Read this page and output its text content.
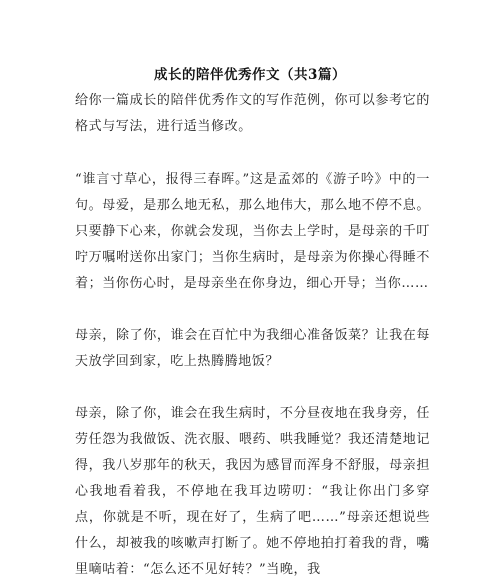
成长的陪伴优秀作文（共3篇）

给你一篇成长的陪伴优秀作文的写作范例，你可以参考它的格式与写法，进行适当修改。

“谁言寸草心，报得三春晖。”这是孟郊的《游子吟》中的一句。母爱，是那么地无私，那么地伟大，那么地不停不息。只要静下心来，你就会发现，当你去上学时，是母亲的千叮咛万嘱咐送你出家门；当你生病时，是母亲为你操心得睡不着；当你伤心时，是母亲坐在你身边，细心开导；当你……

母亲，除了你，谁会在百忙中为我细心准备饭菜？让我在每天放学回到家，吃上热腾腾地饭？

母亲，除了你，谁会在我生病时，不分昼夜地在我身旁，任劳任怨为我做饭、洗衣服、喂药、哄我睡觉？我还清楚地记得，我八岁那年的秋天，我因为感冒而浑身不舒服，母亲担心我地看着我，不停地在我耳边唠叨：“我让你出门多穿点，你就是不听，现在好了，生病了吧……”母亲还想说些什么，却被我的咳嗽声打断了。她不停地拍打着我的背，嘴里嘀咕着：“怎么还不见好转？”当晚，我
